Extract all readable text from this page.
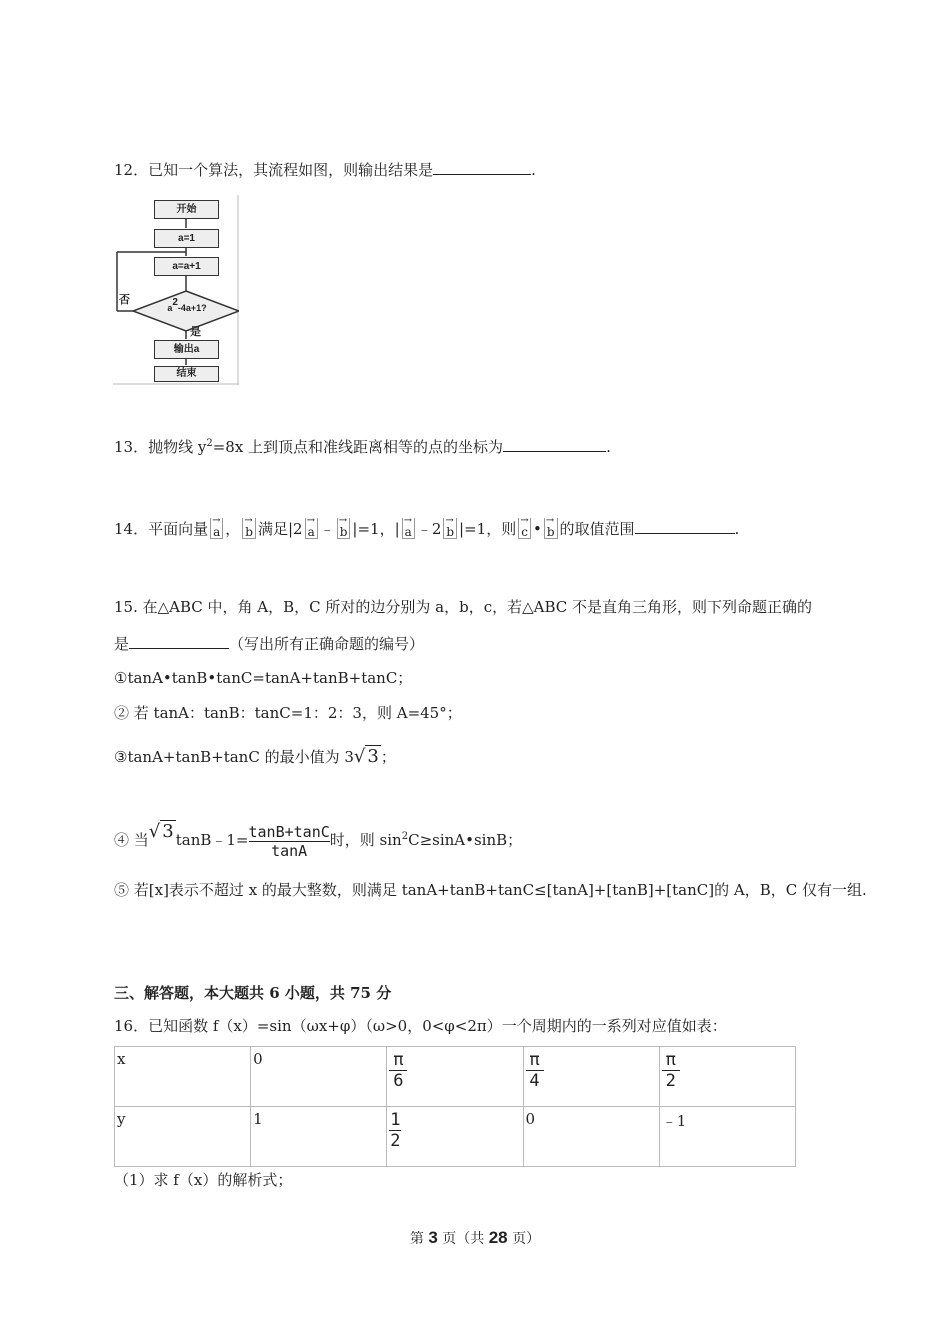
12．已知一个算法，其流程如图，则输出结果是	.
开始
a=1
a=a+1
$a^2-4a+1$?
否
是
输出a
结束
13．抛物线 $y^2=8x$ 上到顶点和准线距离相等的点的坐标为	.
14．平面向量 → a ， → b 满足|2 → a ﹣ → b |=1，| → a ﹣2 → b |=1，则 → c • → b 的取值范围	.
15. 在△ABC 中，角 A，B，C 所对的边分别为 a，b，c，若△ABC 不是直角三角形，则下列命题正确的
是	（写出所有正确命题的编号）
①tanA•tanB•tanC=tanA+tanB+tanC；
② 若 tanA：tanB：tanC=1：2：3，则 A=45°；
③tanA+tanB+tanC 的最小值为 3√ 3 ；
④ 当√ 3 tanB﹣1= $\frac{\tan B+\tan C}{\tan A}$ 时，则 $\sin^2C\ge\sin A•\sin B$；
⑤ 若[x]表示不超过 x 的最大整数，则满足 tanA+tanB+tanC≤[tanA]+[tanB]+[tanC]的 A，B，C 仅有一组.
三、解答题，本大题共 6 小题，共 75 分
16．已知函数 f（x）=sin（ωx+φ）（ω>0，0<φ<2π）一个周期内的一系列对应值如表：
x	0	$\frac{\pi}{6}$	$\frac{\pi}{4}$	$\frac{\pi}{2}$

y	1	$\frac{1}{2}$	0	﹣1
（1）求 f（x）的解析式；
第 3 页（共 28 页）
